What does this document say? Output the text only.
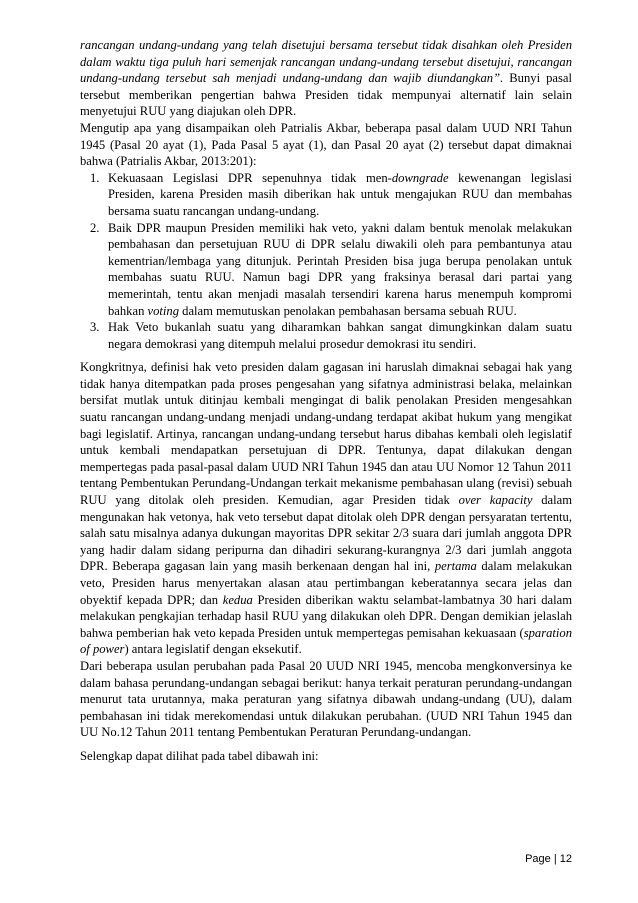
rancangan undang-undang yang telah disetujui bersama tersebut tidak disahkan oleh Presiden dalam waktu tiga puluh hari semenjak rancangan undang-undang tersebut disetujui, rancangan undang-undang tersebut sah menjadi undang-undang dan wajib diundangkan”. Bunyi pasal tersebut memberikan pengertian bahwa Presiden tidak mempunyai alternatif lain selain menyetujui RUU yang diajukan oleh DPR.

Mengutip apa yang disampaikan oleh Patrialis Akbar, beberapa pasal dalam UUD NRI Tahun 1945 (Pasal 20 ayat (1), Pada Pasal 5 ayat (1), dan Pasal 20 ayat (2) tersebut dapat dimaknai bahwa (Patrialis Akbar, 2013:201):

1. Kekuasaan Legislasi DPR sepenuhnya tidak men-downgrade kewenangan legislasi Presiden, karena Presiden masih diberikan hak untuk mengajukan RUU dan membahas bersama suatu rancangan undang-undang.
2. Baik DPR maupun Presiden memiliki hak veto, yakni dalam bentuk menolak melakukan pembahasan dan persetujuan RUU di DPR selalu diwakili oleh para pembantunya atau kementrian/lembaga yang ditunjuk. Perintah Presiden bisa juga berupa penolakan untuk membahas suatu RUU. Namun bagi DPR yang fraksinya berasal dari partai yang memerintah, tentu akan menjadi masalah tersendiri karena harus menempuh kompromi bahkan voting dalam memutuskan penolakan pembahasan bersama sebuah RUU.
3. Hak Veto bukanlah suatu yang diharamkan bahkan sangat dimungkinkan dalam suatu negara demokrasi yang ditempuh melalui prosedur demokrasi itu sendiri.

Kongkritnya, definisi hak veto presiden dalam gagasan ini haruslah dimaknai sebagai hak yang tidak hanya ditempatkan pada proses pengesahan yang sifatnya administrasi belaka, melainkan bersifat mutlak untuk ditinjau kembali mengingat di balik penolakan Presiden mengesahkan suatu rancangan undang-undang menjadi undang-undang terdapat akibat hukum yang mengikat bagi legislatif. Artinya, rancangan undang-undang tersebut harus dibahas kembali oleh legislatif untuk kembali mendapatkan persetujuan di DPR. Tentunya, dapat dilakukan dengan mempertegas pada pasal-pasal dalam UUD NRI Tahun 1945 dan atau UU Nomor 12 Tahun 2011 tentang Pembentukan Perundang-Undangan terkait mekanisme pembahasan ulang (revisi) sebuah RUU yang ditolak oleh presiden. Kemudian, agar Presiden tidak over kapacity dalam mengunakan hak vetonya, hak veto tersebut dapat ditolak oleh DPR dengan persyaratan tertentu, salah satu misalnya adanya dukungan mayoritas DPR sekitar 2/3 suara dari jumlah anggota DPR yang hadir dalam sidang peripurna dan dihadiri sekurang-kurangnya 2/3 dari jumlah anggota DPR. Beberapa gagasan lain yang masih berkenaan dengan hal ini, pertama dalam melakukan veto, Presiden harus menyertakan alasan atau pertimbangan keberatannya secara jelas dan obyektif kepada DPR; dan kedua Presiden diberikan waktu selambat-lambatnya 30 hari dalam melakukan pengkajian terhadap hasil RUU yang dilakukan oleh DPR. Dengan demikian jelaslah bahwa pemberian hak veto kepada Presiden untuk mempertegas pemisahan kekuasaan (sparation of power) antara legislatif dengan eksekutif.

Dari beberapa usulan perubahan pada Pasal 20 UUD NRI 1945, mencoba mengkonversinya ke dalam bahasa perundang-undangan sebagai berikut: hanya terkait peraturan perundang-undangan menurut tata urutannya, maka peraturan yang sifatnya dibawah undang-undang (UU), dalam pembahasan ini tidak merekomendasi untuk dilakukan perubahan. (UUD NRI Tahun 1945 dan UU No.12 Tahun 2011 tentang Pembentukan Peraturan Perundang-undangan.

Selengkap dapat dilihat pada tabel dibawah ini:

Page | 12
